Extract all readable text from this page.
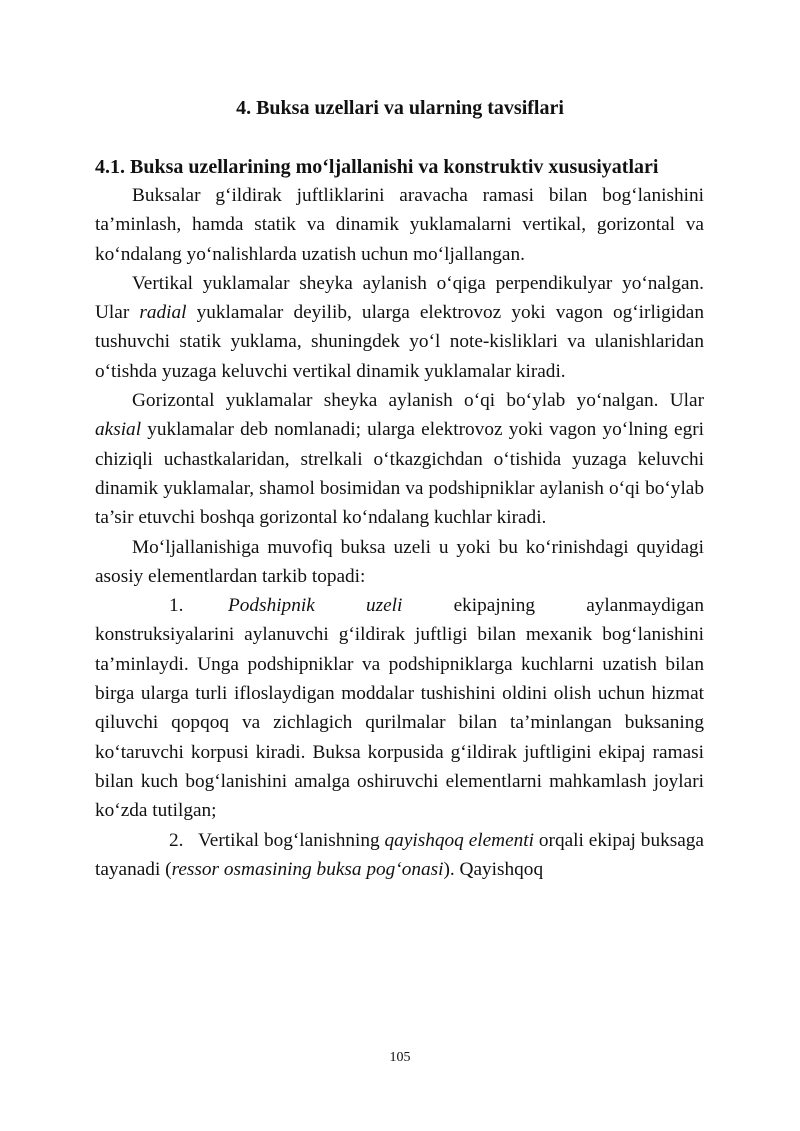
4. Buksa uzellari va ularning tavsiflari
4.1. Buksa uzellarining mo‘ljallanishi va konstruktiv xususiyatlari

Buksalar g‘ildirak juftliklarini aravacha ramasi bilan bog‘lanishini ta’minlash, hamda statik va dinamik yuklamalarni vertikal, gorizontal va ko‘ndalang yo‘nalishlarda uzatish uchun mo‘ljallangan.

Vertikal yuklamalar sheyka aylanish o‘qiga perpendikulyar yo‘nalgan. Ular radial yuklamalar deyilib, ularga elektrovoz yoki vagon og‘irligidan tushuvchi statik yuklama, shuningdek yo‘l note-kisliklari va ulanishlaridan o‘tishda yuzaga keluvchi vertikal dinamik yuklamalar kiradi.

Gorizontal yuklamalar sheyka aylanish o‘qi bo‘ylab yo‘nalgan. Ular aksial yuklamalar deb nomlanadi; ularga elektrovoz yoki vagon yo‘lning egri chiziqli uchastkalaridan, strelkali o‘tkazgichdan o‘tishida yuzaga keluvchi dinamik yuklamalar, shamol bosimidan va podshipniklar aylanish o‘qi bo‘ylab ta’sir etuvchi boshqa gorizontal ko‘ndalang kuchlar kiradi.

Mo‘ljallanishiga muvofiq buksa uzeli u yoki bu ko‘rinishdagi quyidagi asosiy elementlardan tarkib topadi:

1. Podshipnik uzeli ekipajning aylanmaydigan konstruksiyalarini aylanuvchi g‘ildirak juftligi bilan mexanik bog‘lanishini ta’minlaydi. Unga podshipniklar va podshipniklarga kuchlarni uzatish bilan birga ularga turli ifloslaydigan moddalar tushishini oldini olish uchun hizmat qiluvchi qopqoq va zichlagich qurilmalar bilan ta’minlangan buksaning ko‘taruvchi korpusi kiradi. Buksa korpusida g‘ildirak juftligini ekipaj ramasi bilan kuch bog‘lanishini amalga oshiruvchi elementlarni mahkamlash joylari ko‘zda tutilgan;

2. Vertikal bog‘lanishning qayishqoq elementi orqali ekipaj buksaga tayanadi (ressor osmasining buksa pog‘onasi). Qayishqoq

105
